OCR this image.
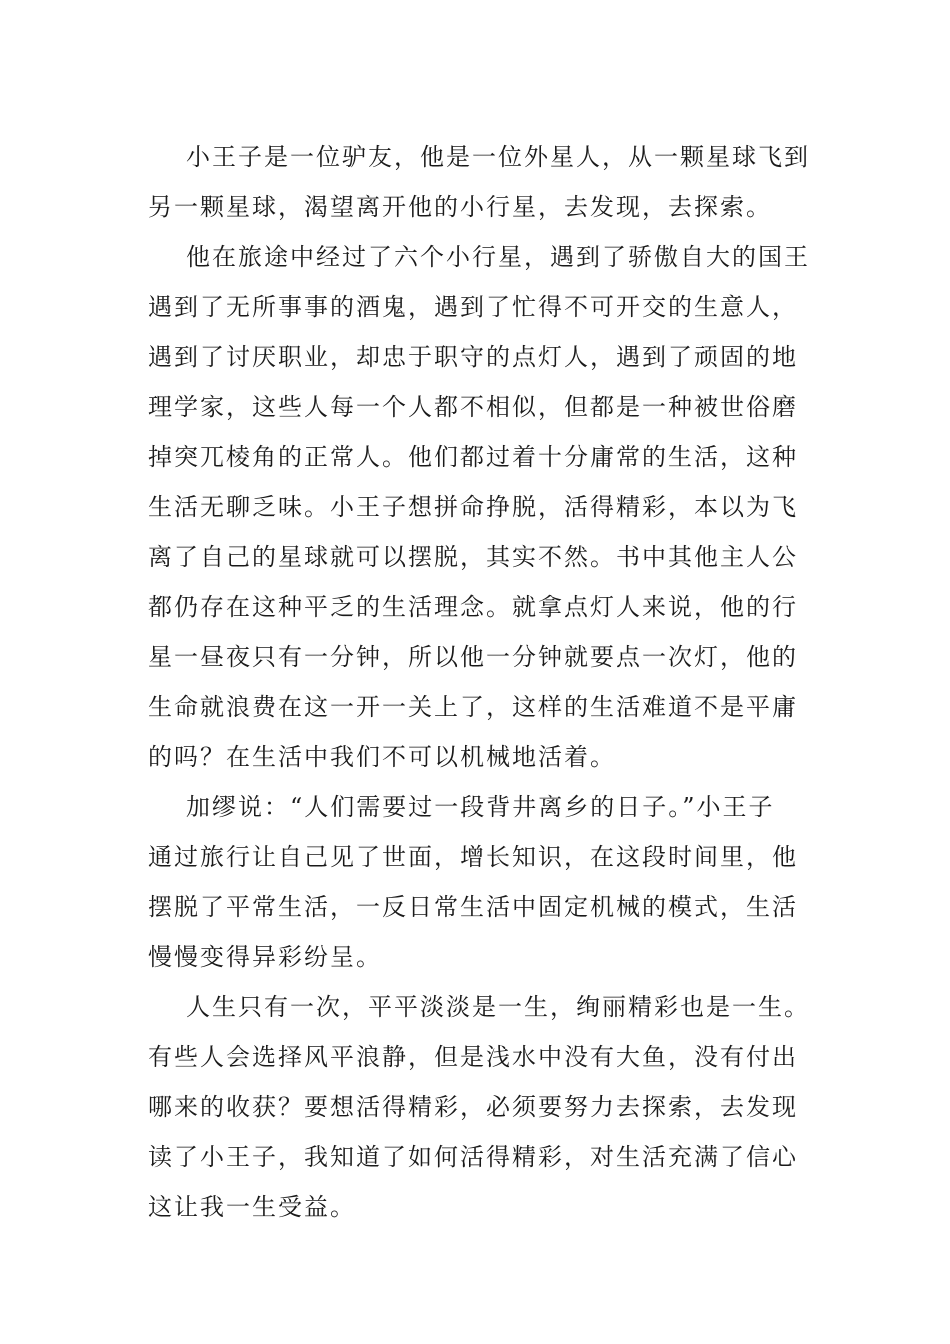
小王子是一位驴友，他是一位外星人，从一颗星球飞到
另一颗星球，渴望离开他的小行星，去发现，去探索。
他在旅途中经过了六个小行星，遇到了骄傲自大的国王
遇到了无所事事的酒鬼，遇到了忙得不可开交的生意人，
遇到了讨厌职业，却忠于职守的点灯人，遇到了顽固的地
理学家，这些人每一个人都不相似，但都是一种被世俗磨
掉突兀棱角的正常人。他们都过着十分庸常的生活，这种
生活无聊乏味。小王子想拼命挣脱，活得精彩，本以为飞
离了自己的星球就可以摆脱，其实不然。书中其他主人公
都仍存在这种平乏的生活理念。就拿点灯人来说，他的行
星一昼夜只有一分钟，所以他一分钟就要点一次灯，他的
生命就浪费在这一开一关上了，这样的生活难道不是平庸
的吗？在生活中我们不可以机械地活着。
加缪说：“人们需要过一段背井离乡的日子。”小王子
通过旅行让自己见了世面，增长知识，在这段时间里，他
摆脱了平常生活，一反日常生活中固定机械的模式，生活
慢慢变得异彩纷呈。
人生只有一次，平平淡淡是一生，绚丽精彩也是一生。
有些人会选择风平浪静，但是浅水中没有大鱼，没有付出
哪来的收获？要想活得精彩，必须要努力去探索，去发现
读了小王子，我知道了如何活得精彩，对生活充满了信心
这让我一生受益。
